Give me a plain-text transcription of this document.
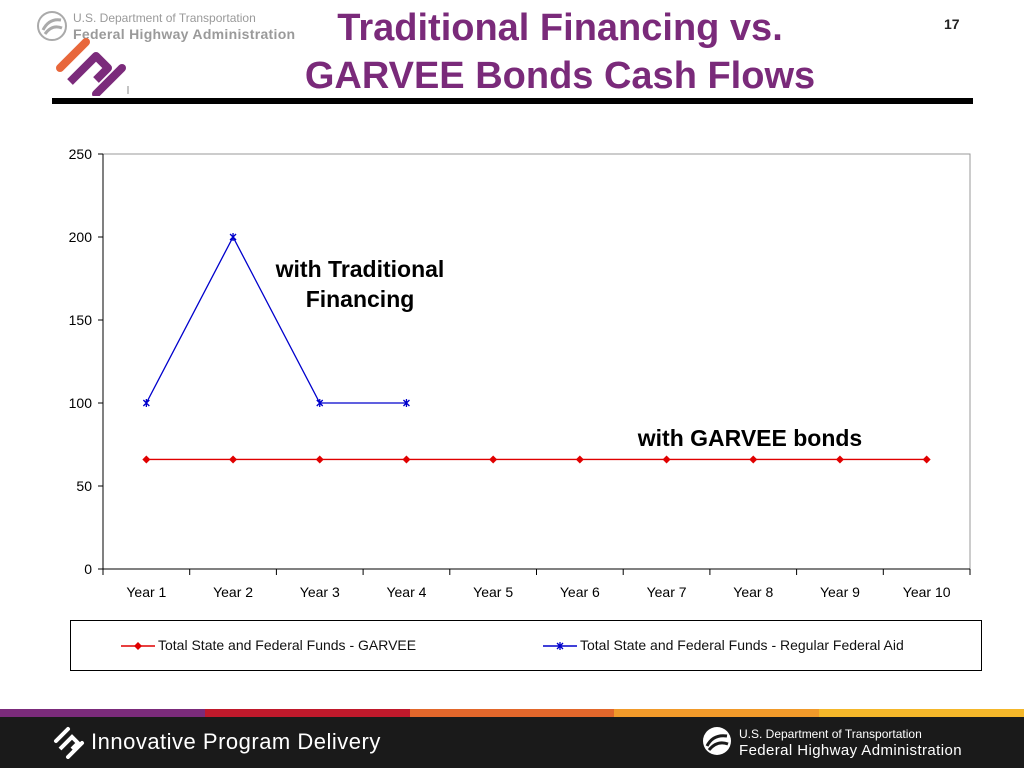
U.S. Department of Transportation
Federal Highway Administration	Traditional Financing vs.
GARVEE Bonds Cash Flows
17
0
50
100
150
200
250
Year 1	Year 2	Year 3	Year 4	Year 5	Year 6	Year 7	Year 8	Year 9	Year 10
with Traditional
Financing
with GARVEE bonds
Total State and Federal Funds - GARVEE	Total State and Federal Funds - Regular Federal Aid
Innovative Program Delivery	U.S. Department of Transportation
Federal Highway Administration
